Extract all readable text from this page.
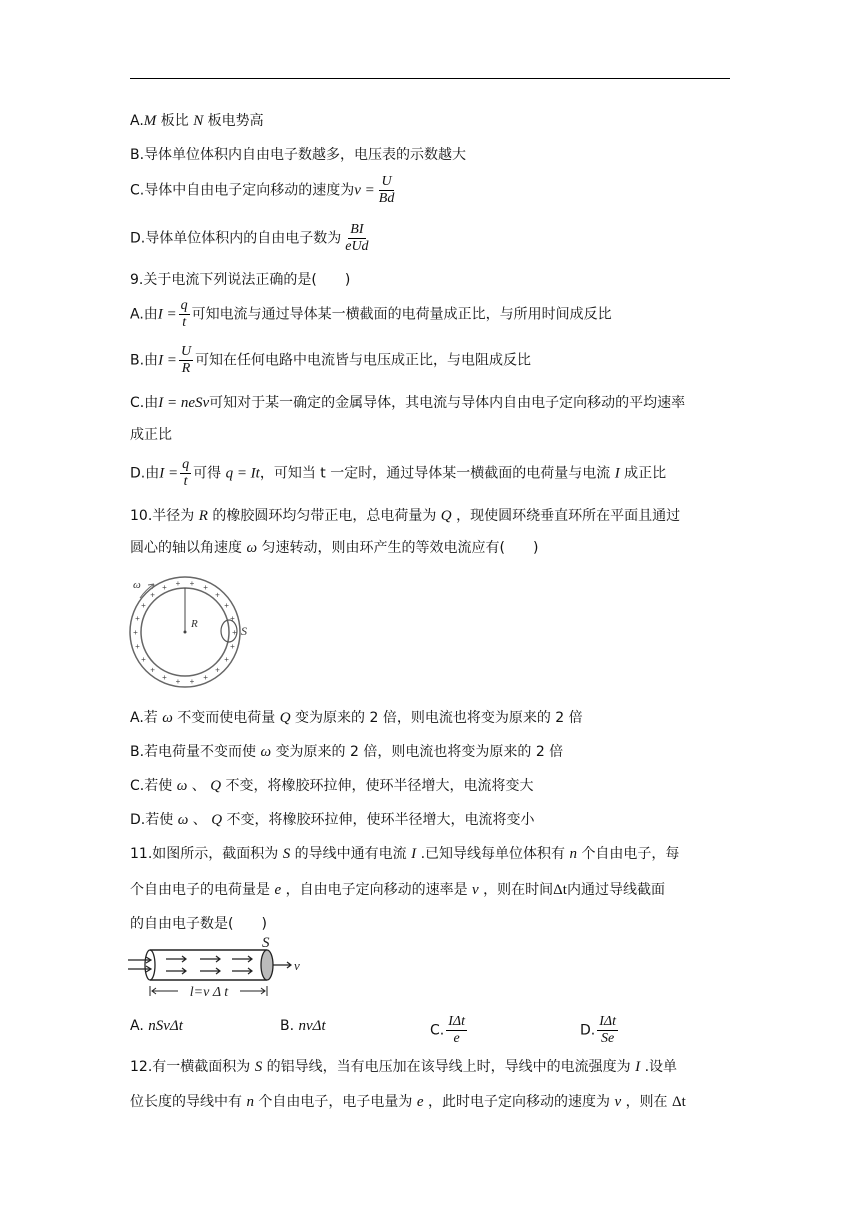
A.M 板比 N 板电势高
B.导体单位体积内自由电子数越多，电压表的示数越大
C.导体中自由电子定向移动的速度为$v = \frac{U}{Bd}$
D.导体单位体积内的自由电子数为 $\frac{BI}{\text{eUd}}$
9.关于电流下列说法正确的是(　　)
A.由$I = \frac{q}{t}$ 可知电流与通过导体某一横截面的电荷量成正比，与所用时间成反比
B.由$I = \frac{U}{R}$ 可知在任何电路中电流皆与电压成正比，与电阻成反比
C.由I = neSv可知对于某一确定的金属导体，其电流与导体内自由电子定向移动的平均速率
成正比
D.由$I = \frac{q}{t}$ 可得 q = It，可知当 t 一定时，通过导体某一横截面的电荷量与电流 I 成正比
10.半径为 R 的橡胶圆环均匀带正电，总电荷量为 Q ，现使圆环绕垂直环所在平面且通过
圆心的轴以角速度 ω 匀速转动，则由环产生的等效电流应有(　　)
+
+
+
+
+
+
+
+
+
+
+
+
+
+
+
+ + + +
+
+
+
R
ω
S
A.若 ω 不变而使电荷量 Q 变为原来的 2 倍，则电流也将变为原来的 2 倍
B.若电荷量不变而使 ω 变为原来的 2 倍，则电流也将变为原来的 2 倍
C.若使 ω 、 Q 不变，将橡胶环拉伸，使环半径增大，电流将变大
D.若使 ω 、 Q 不变，将橡胶环拉伸，使环半径增大，电流将变小
11.如图所示，截面积为 S 的导线中通有电流 I .已知导线每单位体积有 n 个自由电子，每
个自由电子的电荷量是 e ，自由电子定向移动的速率是 v ，则在时间Δt内通过导线截面
的自由电子数是(　　)
v
S
l=v Δ t
A. nSvΔt	B. nvΔt	C. $\frac{\text{IΔt}}{e}$	D. $\frac{\text{IΔt}}{Se}$
12.有一横截面积为 S 的铝导线，当有电压加在该导线上时，导线中的电流强度为 I .设单
位长度的导线中有 n 个自由电子，电子电量为 e ，此时电子定向移动的速度为 v ，则在 Δt
